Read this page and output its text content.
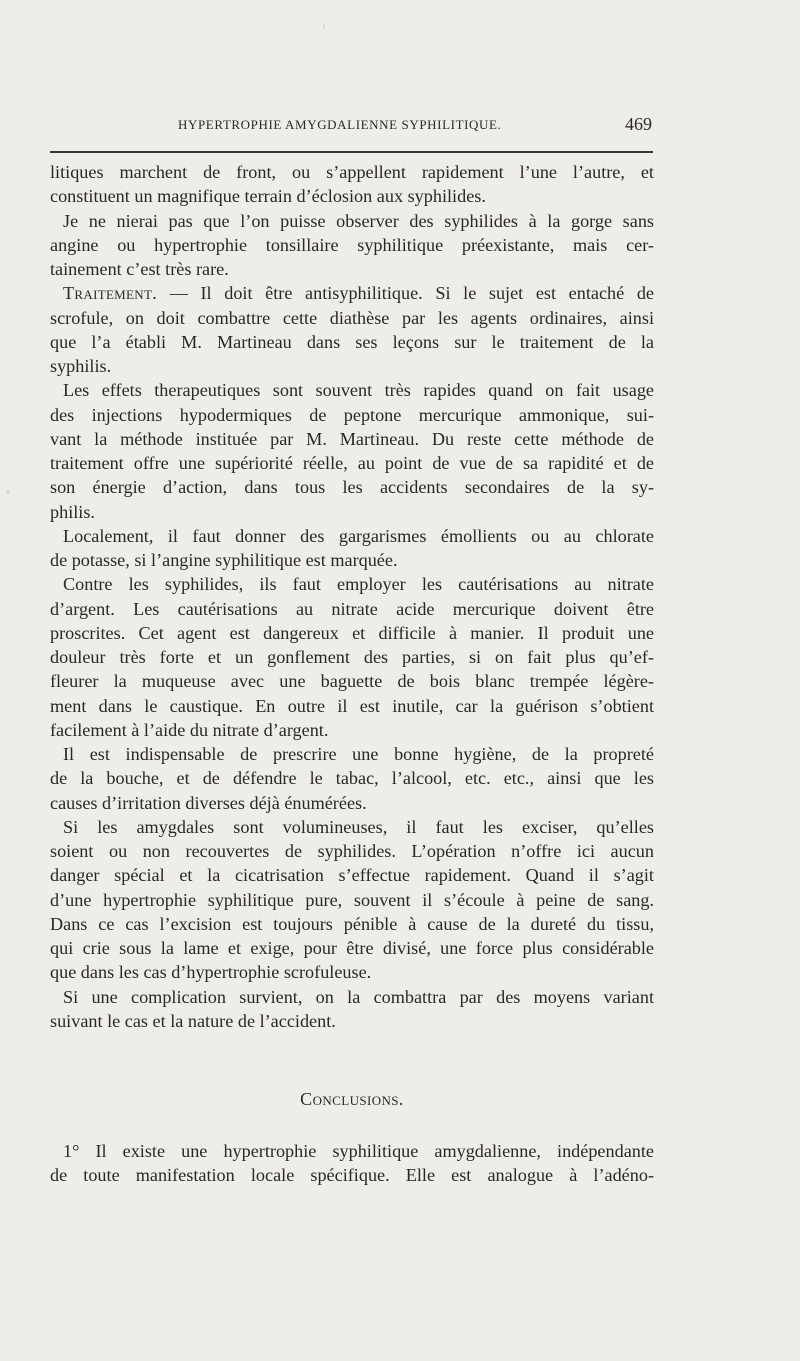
HYPERTROPHIE AMYGDALIENNE SYPHILITIQUE.	469
litiques marchent de front, ou s’appellent rapidement l’une l’autre, et
constituent un magnifique terrain d’éclosion aux syphilides.
Je ne nierai pas que l’on puisse observer des syphilides à la gorge sans
angine ou hypertrophie tonsillaire syphilitique préexistante, mais cer-
tainement c’est très rare.
Traitement. — Il doit être antisyphilitique. Si le sujet est entaché de
scrofule, on doit combattre cette diathèse par les agents ordinaires, ainsi
que l’a établi M. Martineau dans ses leçons sur le traitement de la
syphilis.
Les effets therapeutiques sont souvent très rapides quand on fait usage
des injections hypodermiques de peptone mercurique ammonique, sui-
vant la méthode instituée par M. Martineau. Du reste cette méthode de
traitement offre une supériorité réelle, au point de vue de sa rapidité et de
son énergie d’action, dans tous les accidents secondaires de la sy-
philis.
Localement, il faut donner des gargarismes émollients ou au chlorate
de potasse, si l’angine syphilitique est marquée.
Contre les syphilides, ils faut employer les cautérisations au nitrate
d’argent. Les cautérisations au nitrate acide mercurique doivent être
proscrites. Cet agent est dangereux et difficile à manier. Il produit une
douleur très forte et un gonflement des parties, si on fait plus qu’ef-
fleurer la muqueuse avec une baguette de bois blanc trempée légère-
ment dans le caustique. En outre il est inutile, car la guérison s’obtient
facilement à l’aide du nitrate d’argent.
Il est indispensable de prescrire une bonne hygiène, de la propreté
de la bouche, et de défendre le tabac, l’alcool, etc. etc., ainsi que les
causes d’irritation diverses déjà énumérées.
Si les amygdales sont volumineuses, il faut les exciser, qu’elles
soient ou non recouvertes de syphilides. L’opération n’offre ici aucun
danger spécial et la cicatrisation s’effectue rapidement. Quand il s’agit
d’une hypertrophie syphilitique pure, souvent il s’écoule à peine de sang.
Dans ce cas l’excision est toujours pénible à cause de la dureté du tissu,
qui crie sous la lame et exige, pour être divisé, une force plus considérable
que dans les cas d’hypertrophie scrofuleuse.
Si une complication survient, on la combattra par des moyens variant
suivant le cas et la nature de l’accident.
Conclusions.
1° Il existe une hypertrophie syphilitique amygdalienne, indépendante
de toute manifestation locale spécifique. Elle est analogue à l’adéno-
